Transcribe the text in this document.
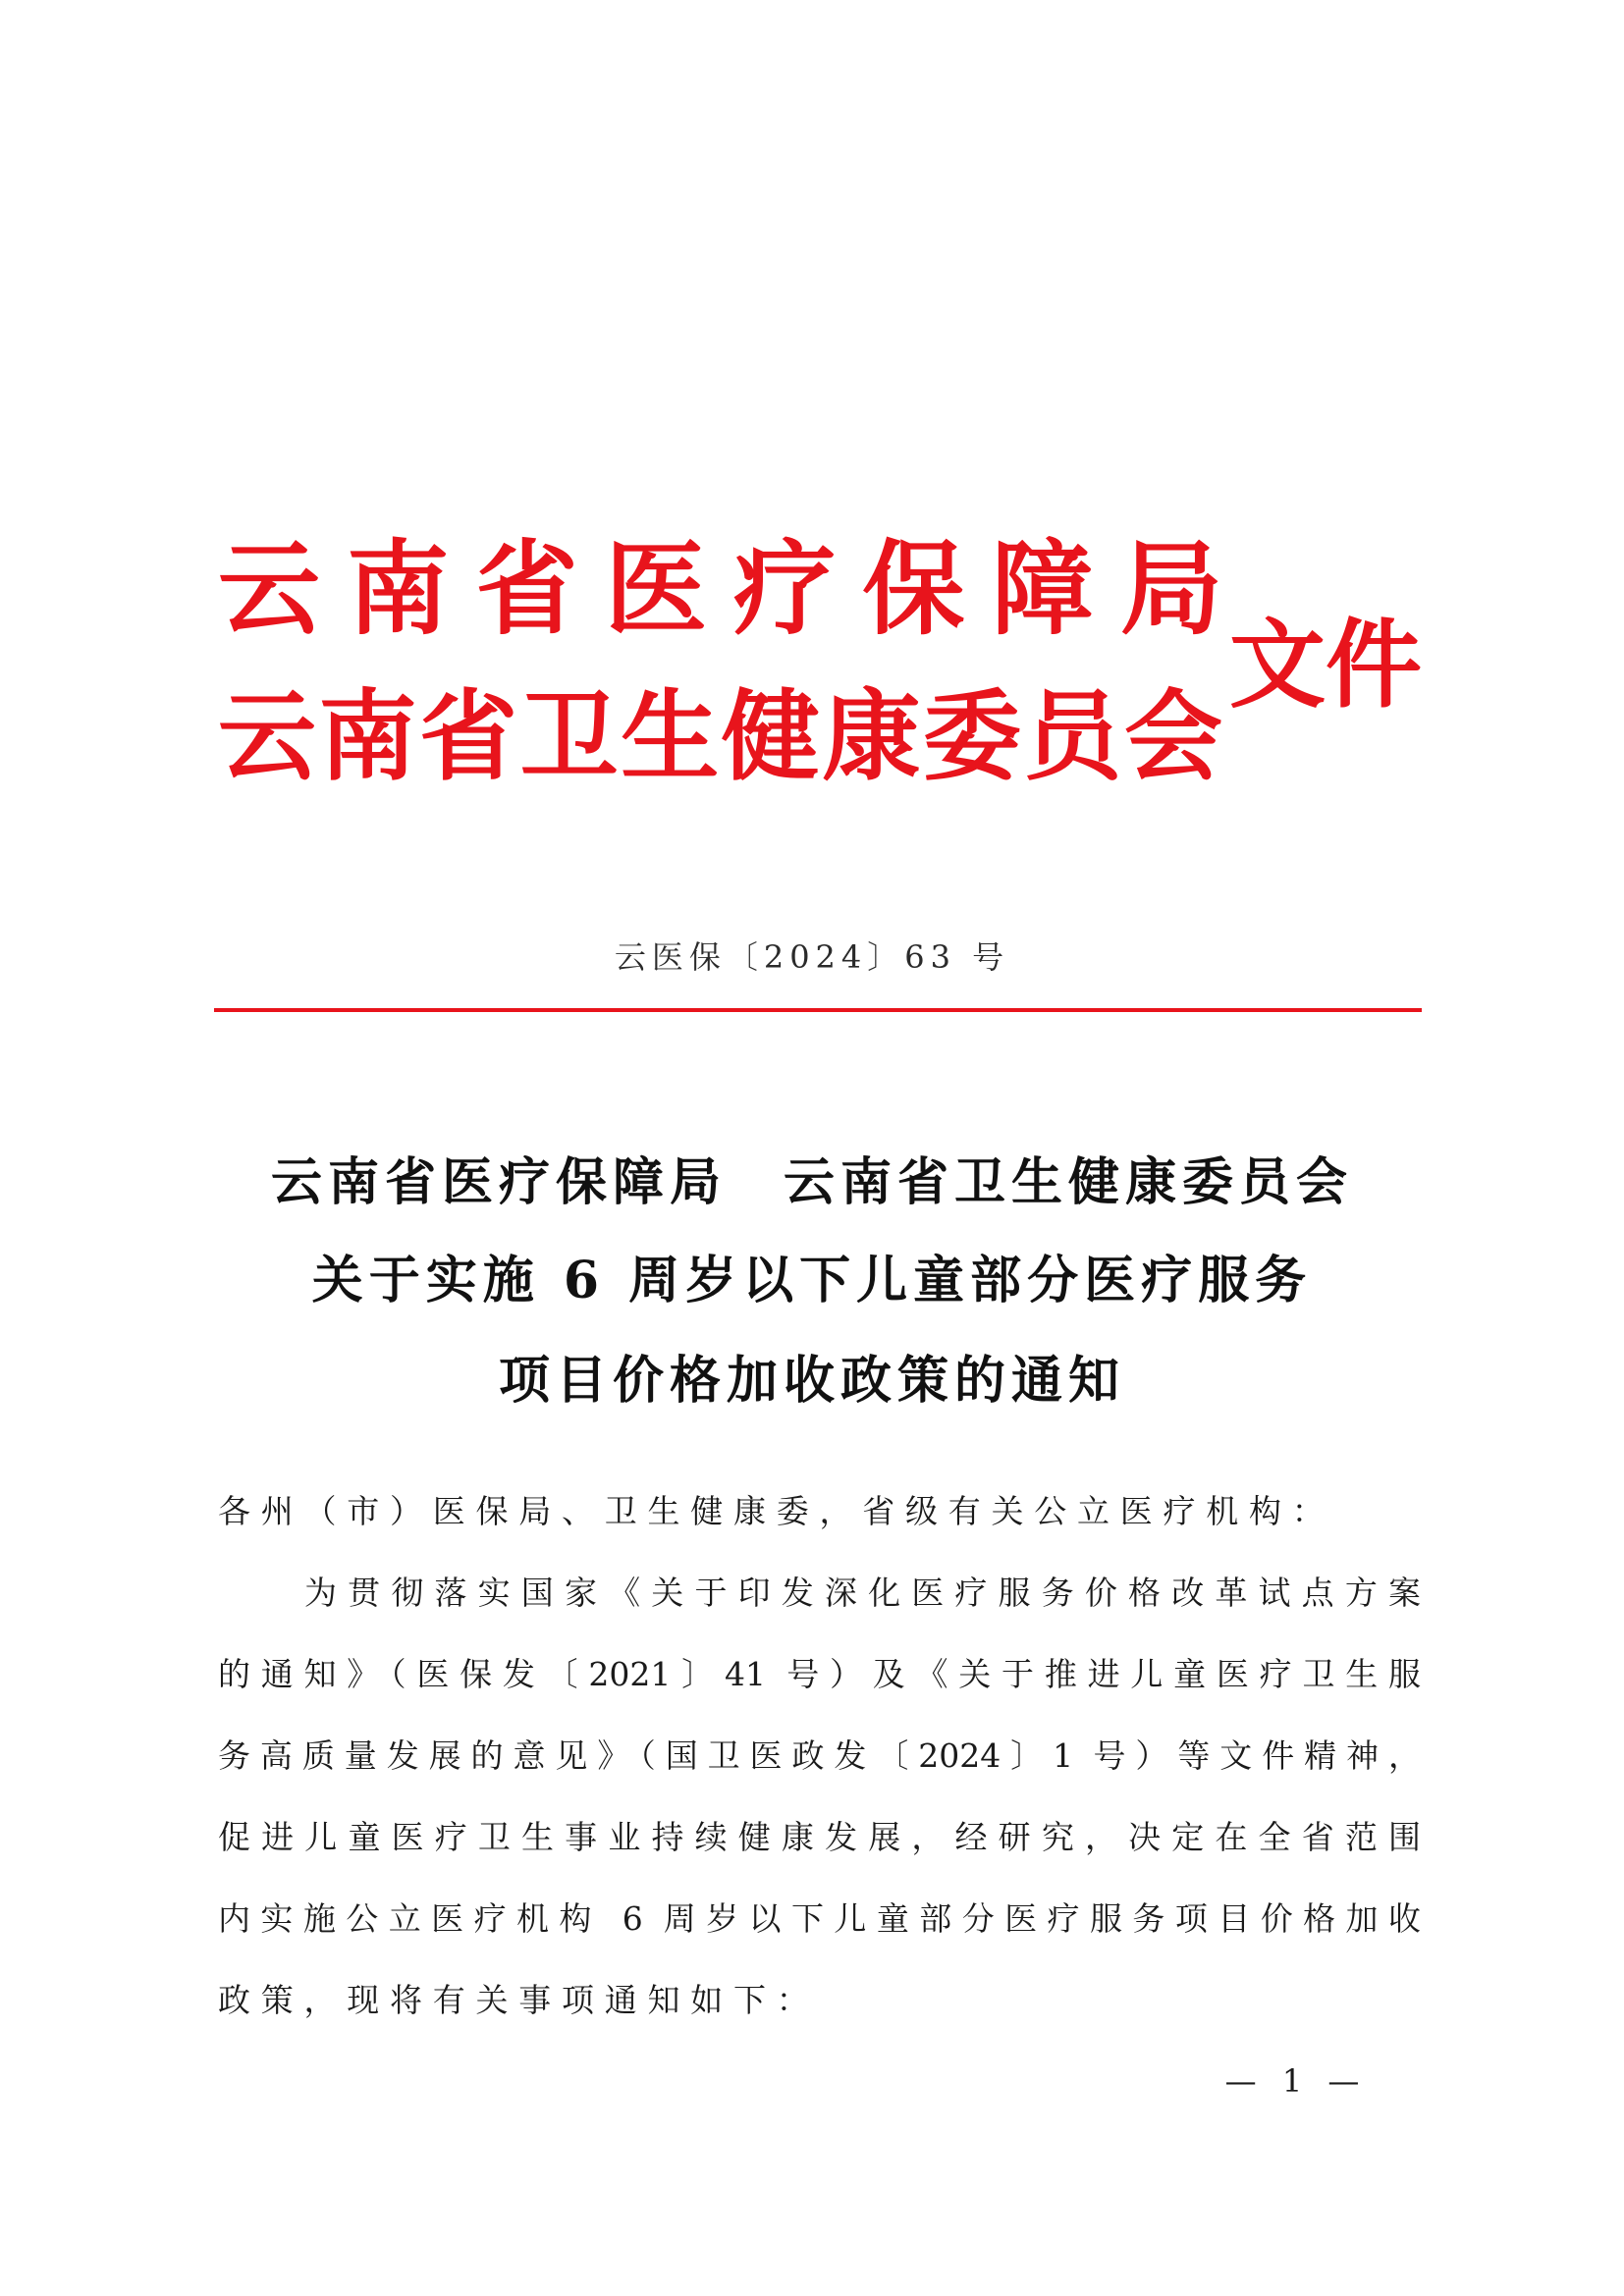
云南省医疗保障局
云南省卫生健康委员会
文件
云医保〔2024〕63 号
云南省医疗保障局　云南省卫生健康委员会
关于实施 6 周岁以下儿童部分医疗服务
项目价格加收政策的通知
各州（市）医保局、卫生健康委，省级有关公立医疗机构：
为贯彻落实国家《关于印发深化医疗服务价格改革试点方案
的通知》（医保发〔2021〕41 号）及《关于推进儿童医疗卫生服
务高质量发展的意见》（国卫医政发〔2024〕1 号）等文件精神，
促进儿童医疗卫生事业持续健康发展，经研究，决定在全省范围
内实施公立医疗机构 6 周岁以下儿童部分医疗服务项目价格加收
政策，现将有关事项通知如下：
— 1 —
